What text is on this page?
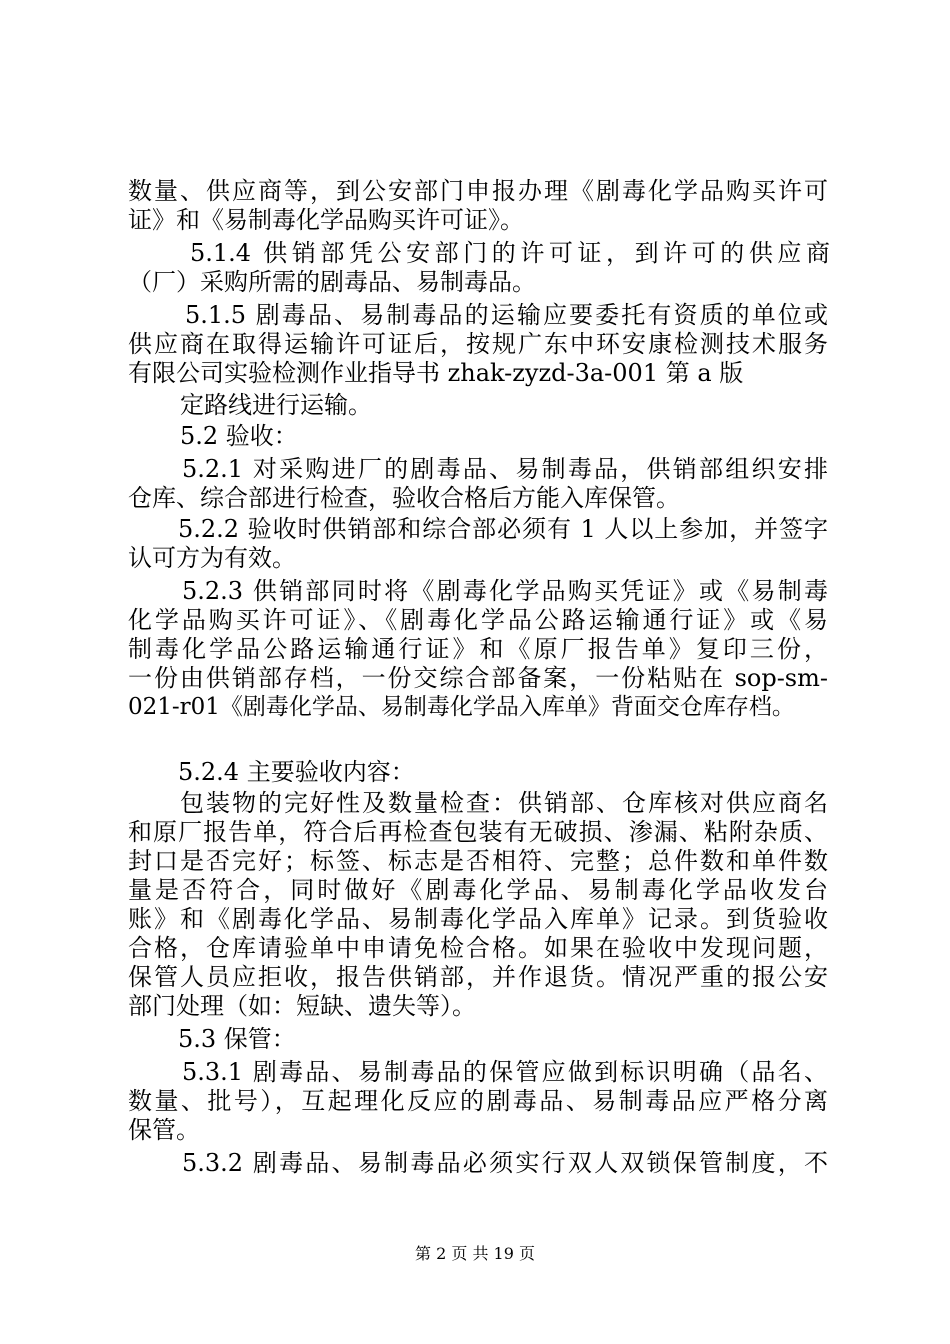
数量、供应商等，到公安部门申报办理《剧毒化学品购买许可
证》和《易制毒化学品购买许可证》。
5.1.4 供销部凭公安部门的许可证，到许可的供应商
（厂）采购所需的剧毒品、易制毒品。
5.1.5 剧毒品、易制毒品的运输应要委托有资质的单位或
供应商在取得运输许可证后，按规广东中环安康检测技术服务
有限公司实验检测作业指导书 zhak-zyzd-3a-001 第 a 版
定路线进行运输。
5.2 验收：
5.2.1 对采购进厂的剧毒品、易制毒品，供销部组织安排
仓库、综合部进行检查，验收合格后方能入库保管。
5.2.2 验收时供销部和综合部必须有 1 人以上参加，并签字
认可方为有效。
5.2.3 供销部同时将《剧毒化学品购买凭证》或《易制毒
化学品购买许可证》、《剧毒化学品公路运输通行证》或《易
制毒化学品公路运输通行证》和《原厂报告单》复印三份，
一份由供销部存档，一份交综合部备案，一份粘贴在 sop-sm-
021-r01《剧毒化学品、易制毒化学品入库单》背面交仓库存档。
5.2.4 主要验收内容：
包装物的完好性及数量检查：供销部、仓库核对供应商名
和原厂报告单，符合后再检查包装有无破损、渗漏、粘附杂质、
封口是否完好；标签、标志是否相符、完整；总件数和单件数
量是否符合，同时做好《剧毒化学品、易制毒化学品收发台
账》和《剧毒化学品、易制毒化学品入库单》记录。到货验收
合格，仓库请验单中申请免检合格。如果在验收中发现问题，
保管人员应拒收，报告供销部，并作退货。情况严重的报公安
部门处理（如：短缺、遗失等）。
5.3 保管：
5.3.1 剧毒品、易制毒品的保管应做到标识明确（品名、
数量、批号），互起理化反应的剧毒品、易制毒品应严格分离
保管。
5.3.2 剧毒品、易制毒品必须实行双人双锁保管制度，不
第 2 页 共 19 页
